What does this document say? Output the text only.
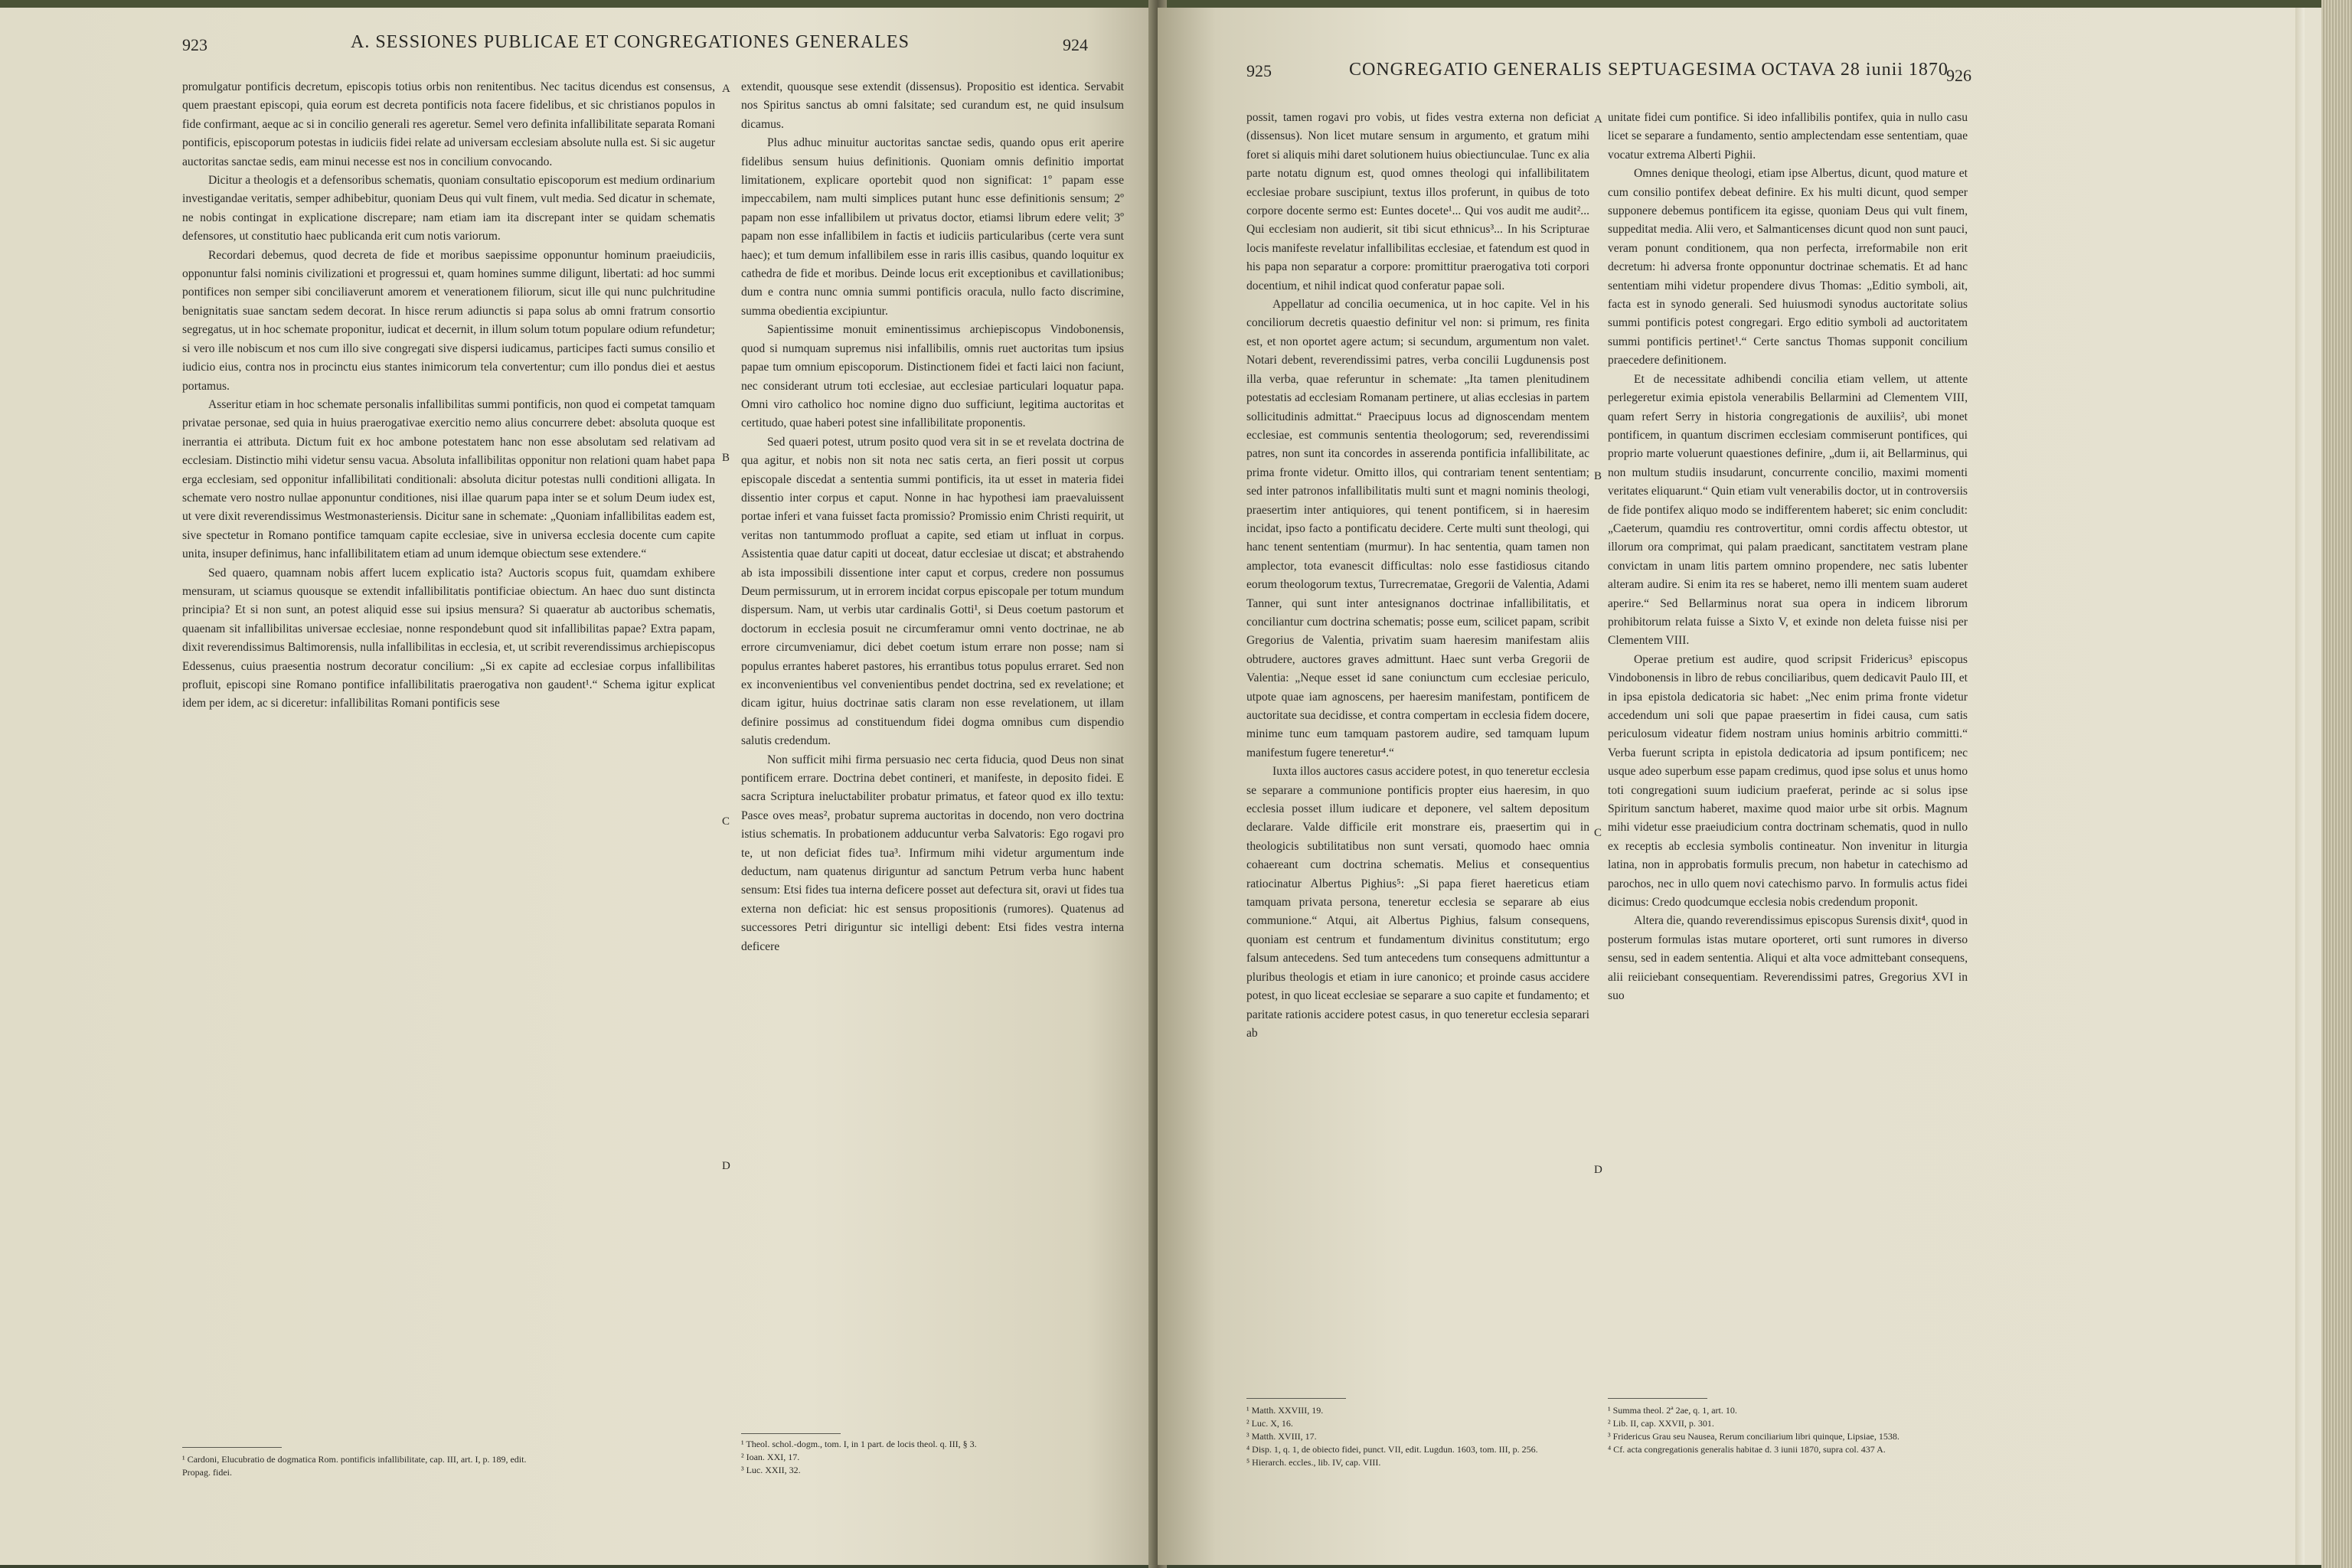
923	A. SESSIONES PUBLICAE ET CONGREGATIONES GENERALES	924

promulgatur pontificis decretum, episcopis totius orbis non renitentibus. Nec tacitus dicendus est consensus, quem praestant episcopi, quia eorum est decreta pontificis nota facere fidelibus, et sic christianos populos in fide confirmant, aeque ac si in concilio generali res ageretur. Semel vero definita infallibilitate separata Romani pontificis, episcoporum potestas in iudiciis fidei relate ad universam ecclesiam absolute nulla est. Si sic augetur auctoritas sanctae sedis, eam minui necesse est nos in concilium convocando.

Dicitur a theologis et a defensoribus schematis, quoniam consultatio episcoporum est medium ordinarium investigandae veritatis, semper adhibebitur, quoniam Deus qui vult finem, vult media. Sed dicatur in schemate, ne nobis contingat in explicatione discrepare; nam etiam iam ita discrepant inter se quidam schematis defensores, ut constitutio haec publicanda erit cum notis variorum.

Recordari debemus, quod decreta de fide et moribus saepissime opponuntur hominum praeiudiciis, opponuntur falsi nominis civilizationi et progressui et, quam homines summe diligunt, libertati: ad hoc summi pontifices non semper sibi conciliaverunt amorem et venerationem filiorum, sicut ille qui nunc pulchritudine benignitatis suae sanctam sedem decorat. In hisce rerum adiunctis si papa solus ab omni fratrum consortio segregatus, ut in hoc schemate proponitur, iudicat et decernit, in illum solum totum populare odium refundetur; si vero ille nobiscum et nos cum illo sive congregati sive dispersi iudicamus, participes facti sumus consilio et iudicio eius, contra nos in procinctu eius stantes inimicorum tela convertentur; cum illo pondus diei et aestus portamus.

Asseritur etiam in hoc schemate personalis infallibilitas summi pontificis, non quod ei competat tamquam privatae personae, sed quia in huius praerogativae exercitio nemo alius concurrere debet: absoluta quoque est inerrantia ei attributa. Dictum fuit ex hoc ambone potestatem hanc non esse absolutam sed relativam ad ecclesiam. Distinctio mihi videtur sensu vacua. Absoluta infallibilitas opponitur non relationi quam habet papa erga ecclesiam, sed opponitur infallibilitati conditionali: absoluta dicitur potestas nulli conditioni alligata. In schemate vero nostro nullae apponuntur conditiones, nisi illae quarum papa inter se et solum Deum iudex est, ut vere dixit reverendissimus Westmonasteriensis. Dicitur sane in schemate: „Quoniam infallibilitas eadem est, sive spectetur in Romano pontifice tamquam capite ecclesiae, sive in universa ecclesia docente cum capite unita, insuper definimus, hanc infallibilitatem etiam ad unum idemque obiectum sese extendere.“

Sed quaero, quamnam nobis affert lucem explicatio ista? Auctoris scopus fuit, quamdam exhibere mensuram, ut sciamus quousque se extendit infallibilitatis pontificiae obiectum. An haec duo sunt distincta principia? Et si non sunt, an potest aliquid esse sui ipsius mensura? Si quaeratur ab auctoribus schematis, quaenam sit infallibilitas universae ecclesiae, nonne respondebunt quod sit infallibilitas papae? Extra papam, dixit reverendissimus Baltimorensis, nulla infallibilitas in ecclesia, et, ut scribit reverendissimus archiepiscopus Edessenus, cuius praesentia nostrum decoratur concilium: „Si ex capite ad ecclesiae corpus infallibilitas profluit, episcopi sine Romano pontifice infallibilitatis praerogativa non gaudent¹.“ Schema igitur explicat idem per idem, ac si diceretur: infallibilitas Romani pontificis sese

extendit, quousque sese extendit (dissensus). Propositio est identica. Servabit nos Spiritus sanctus ab omni falsitate; sed curandum est, ne quid insulsum dicamus.

Plus adhuc minuitur auctoritas sanctae sedis, quando opus erit aperire fidelibus sensum huius definitionis. Quoniam omnis definitio importat limitationem, explicare oportebit quod non significat: 1º papam esse impeccabilem, nam multi simplices putant hunc esse definitionis sensum; 2º papam non esse infallibilem ut privatus doctor, etiamsi librum edere velit; 3º papam non esse infallibilem in factis et iudiciis particularibus (certe vera sunt haec); et tum demum infallibilem esse in raris illis casibus, quando loquitur ex cathedra de fide et moribus. Deinde locus erit exceptionibus et cavillationibus; dum e contra nunc omnia summi pontificis oracula, nullo facto discrimine, summa obedientia excipiuntur.

Sapientissime monuit eminentissimus archiepiscopus Vindobonensis, quod si numquam supremus nisi infallibilis, omnis ruet auctoritas tum ipsius papae tum omnium episcoporum. Distinctionem fidei et facti laici non faciunt, nec considerant utrum toti ecclesiae, aut ecclesiae particulari loquatur papa. Omni viro catholico hoc nomine digno duo sufficiunt, legitima auctoritas et certitudo, quae haberi potest sine infallibilitate proponentis.

Sed quaeri potest, utrum posito quod vera sit in se et revelata doctrina de qua agitur, et nobis non sit nota nec satis certa, an fieri possit ut corpus episcopale discedat a sententia summi pontificis, ita ut esset in materia fidei dissentio inter corpus et caput. Nonne in hac hypothesi iam praevaluissent portae inferi et vana fuisset facta promissio? Promissio enim Christi requirit, ut veritas non tantummodo profluat a capite, sed etiam ut influat in corpus. Assistentia quae datur capiti ut doceat, datur ecclesiae ut discat; et abstrahendo ab ista impossibili dissentione inter caput et corpus, credere non possumus Deum permissurum, ut in errorem incidat corpus episcopale per totum mundum dispersum. Nam, ut verbis utar cardinalis Gotti¹, si Deus coetum pastorum et doctorum in ecclesia posuit ne circumferamur omni vento doctrinae, ne ab errore circumveniamur, dici debet coetum istum errare non posse; nam si populus errantes haberet pastores, his errantibus totus populus erraret. Sed non ex inconvenientibus vel convenientibus pendet doctrina, sed ex revelatione; et dicam igitur, huius doctrinae satis claram non esse revelationem, ut illam definire possimus ad constituendum fidei dogma omnibus cum dispendio salutis credendum.

Non sufficit mihi firma persuasio nec certa fiducia, quod Deus non sinat pontificem errare. Doctrina debet contineri, et manifeste, in deposito fidei. E sacra Scriptura ineluctabiliter probatur primatus, et fateor quod ex illo textu: Pasce oves meas², probatur suprema auctoritas in docendo, non vero doctrina istius schematis. In probationem adducuntur verba Salvatoris: Ego rogavi pro te, ut non deficiat fides tua³. Infirmum mihi videtur argumentum inde deductum, nam quatenus diriguntur ad sanctum Petrum verba hunc habent sensum: Etsi fides tua interna deficere posset aut defectura sit, oravi ut fides tua externa non deficiat: hic est sensus propositionis (rumores). Quatenus ad successores Petri diriguntur sic intelligi debent: Etsi fides vestra interna deficere

A
B
C
D
¹ Cardoni, Elucubratio de dogmatica Rom. pontificis infallibilitate, cap. III, art. I, p. 189, edit. Propag. fidei.
¹ Theol. schol.-dogm., tom. I, in 1 part. de locis theol. q. III, § 3.
² Ioan. XXI, 17.
³ Luc. XXII, 32.
925	CONGREGATIO GENERALIS SEPTUAGESIMA OCTAVA 28 iunii 1870
926

possit, tamen rogavi pro vobis, ut fides vestra externa non deficiat (dissensus). Non licet mutare sensum in argumento, et gratum mihi foret si aliquis mihi daret solutionem huius obiectiunculae. Tunc ex alia parte notatu dignum est, quod omnes theologi qui infallibilitatem ecclesiae probare suscipiunt, textus illos proferunt, in quibus de toto corpore docente sermo est: Euntes docete¹... Qui vos audit me audit²... Qui ecclesiam non audierit, sit tibi sicut ethnicus³... In his Scripturae locis manifeste revelatur infallibilitas ecclesiae, et fatendum est quod in his papa non separatur a corpore: promittitur praerogativa toti corpori docentium, et nihil indicat quod conferatur papae soli.

Appellatur ad concilia oecumenica, ut in hoc capite. Vel in his conciliorum decretis quaestio definitur vel non: si primum, res finita est, et non oportet agere actum; si secundum, argumentum non valet. Notari debent, reverendissimi patres, verba concilii Lugdunensis post illa verba, quae referuntur in schemate: „Ita tamen plenitudinem potestatis ad ecclesiam Romanam pertinere, ut alias ecclesias in partem sollicitudinis admittat.“ Praecipuus locus ad dignoscendam mentem ecclesiae, est communis sententia theologorum; sed, reverendissimi patres, non sunt ita concordes in asserenda pontificia infallibilitate, ac prima fronte videtur. Omitto illos, qui contrariam tenent sententiam; sed inter patronos infallibilitatis multi sunt et magni nominis theologi, praesertim inter antiquiores, qui tenent pontificem, si in haeresim incidat, ipso facto a pontificatu decidere. Certe multi sunt theologi, qui hanc tenent sententiam (murmur). In hac sententia, quam tamen non amplector, tota evanescit difficultas: nolo esse fastidiosus citando eorum theologorum textus, Turrecrematae, Gregorii de Valentia, Adami Tanner, qui sunt inter antesignanos doctrinae infallibilitatis, et conciliantur cum doctrina schematis; posse eum, scilicet papam, scribit Gregorius de Valentia, privatim suam haeresim manifestam aliis obtrudere, auctores graves admittunt. Haec sunt verba Gregorii de Valentia: „Neque esset id sane coniunctum cum ecclesiae periculo, utpote quae iam agnoscens, per haeresim manifestam, pontificem de auctoritate sua decidisse, et contra compertam in ecclesia fidem docere, minime tunc eum tamquam pastorem audire, sed tamquam lupum manifestum fugere teneretur⁴.“

Iuxta illos auctores casus accidere potest, in quo teneretur ecclesia se separare a communione pontificis propter eius haeresim, in quo ecclesia posset illum iudicare et deponere, vel saltem depositum declarare. Valde difficile erit monstrare eis, praesertim qui in theologicis subtilitatibus non sunt versati, quomodo haec omnia cohaereant cum doctrina schematis. Melius et consequentius ratiocinatur Albertus Pighius⁵: „Si papa fieret haereticus etiam tamquam privata persona, teneretur ecclesia se separare ab eius communione.“ Atqui, ait Albertus Pighius, falsum consequens, quoniam est centrum et fundamentum divinitus constitutum; ergo falsum antecedens. Sed tum antecedens tum consequens admittuntur a pluribus theologis et etiam in iure canonico; et proinde casus accidere potest, in quo liceat ecclesiae se separare a suo capite et fundamento; et paritate rationis accidere potest casus, in quo teneretur ecclesia separari ab

unitate fidei cum pontifice. Si ideo infallibilis pontifex, quia in nullo casu licet se separare a fundamento, sentio amplectendam esse sententiam, quae vocatur extrema Alberti Pighii.

Omnes denique theologi, etiam ipse Albertus, dicunt, quod mature et cum consilio pontifex debeat definire. Ex his multi dicunt, quod semper supponere debemus pontificem ita egisse, quoniam Deus qui vult finem, suppeditat media. Alii vero, et Salmanticenses dicunt quod non sunt pauci, veram ponunt conditionem, qua non perfecta, irreformabile non erit decretum: hi adversa fronte opponuntur doctrinae schematis. Et ad hanc sententiam mihi videtur propendere divus Thomas: „Editio symboli, ait, facta est in synodo generali. Sed huiusmodi synodus auctoritate solius summi pontificis potest congregari. Ergo editio symboli ad auctoritatem summi pontificis pertinet¹.“ Certe sanctus Thomas supponit concilium praecedere definitionem.

Et de necessitate adhibendi concilia etiam vellem, ut attente perlegeretur eximia epistola venerabilis Bellarmini ad Clementem VIII, quam refert Serry in historia congregationis de auxiliis², ubi monet pontificem, in quantum discrimen ecclesiam commiserunt pontifices, qui proprio marte voluerunt quaestiones definire, „dum ii, ait Bellarminus, qui non multum studiis insudarunt, concurrente concilio, maximi momenti veritates eliquarunt.“ Quin etiam vult venerabilis doctor, ut in controversiis de fide pontifex aliquo modo se indifferentem haberet; sic enim concludit: „Caeterum, quamdiu res controvertitur, omni cordis affectu obtestor, ut illorum ora comprimat, qui palam praedicant, sanctitatem vestram plane convictam in unam litis partem omnino propendere, nec satis lubenter alteram audire. Si enim ita res se haberet, nemo illi mentem suam auderet aperire.“ Sed Bellarminus norat sua opera in indicem librorum prohibitorum relata fuisse a Sixto V, et exinde non deleta fuisse nisi per Clementem VIII.

Operae pretium est audire, quod scripsit Fridericus³ episcopus Vindobonensis in libro de rebus conciliaribus, quem dedicavit Paulo III, et in ipsa epistola dedicatoria sic habet: „Nec enim prima fronte videtur accedendum uni soli que papae praesertim in fidei causa, cum satis periculosum videatur fidem nostram unius hominis arbitrio committi.“ Verba fuerunt scripta in epistola dedicatoria ad ipsum pontificem; nec usque adeo superbum esse papam credimus, quod ipse solus et unus homo toti congregationi suum iudicium praeferat, perinde ac si solus ipse Spiritum sanctum haberet, maxime quod maior urbe sit orbis. Magnum mihi videtur esse praeiudicium contra doctrinam schematis, quod in nullo ex receptis ab ecclesia symbolis contineatur. Non invenitur in liturgia latina, non in approbatis formulis precum, non habetur in catechismo ad parochos, nec in ullo quem novi catechismo parvo. In formulis actus fidei dicimus: Credo quodcumque ecclesia nobis credendum proponit.

Altera die, quando reverendissimus episcopus Surensis dixit⁴, quod in posterum formulas istas mutare oporteret, orti sunt rumores in diverso sensu, sed in eadem sententia. Aliqui et alta voce admittebant consequens, alii reiiciebant consequentiam. Reverendissimi patres, Gregorius XVI in suo

A
B
C
D
¹ Matth. XXVIII, 19.
² Luc. X, 16.
³ Matth. XVIII, 17.
⁴ Disp. 1, q. 1, de obiecto fidei, punct. VII, edit. Lugdun. 1603, tom. III, p. 256.
⁵ Hierarch. eccles., lib. IV, cap. VIII.
¹ Summa theol. 2ª 2ae, q. 1, art. 10.
² Lib. II, cap. XXVII, p. 301.
³ Fridericus Grau seu Nausea, Rerum conciliarium libri quinque, Lipsiae, 1538.
⁴ Cf. acta congregationis generalis habitae d. 3 iunii 1870, supra col. 437 A.
